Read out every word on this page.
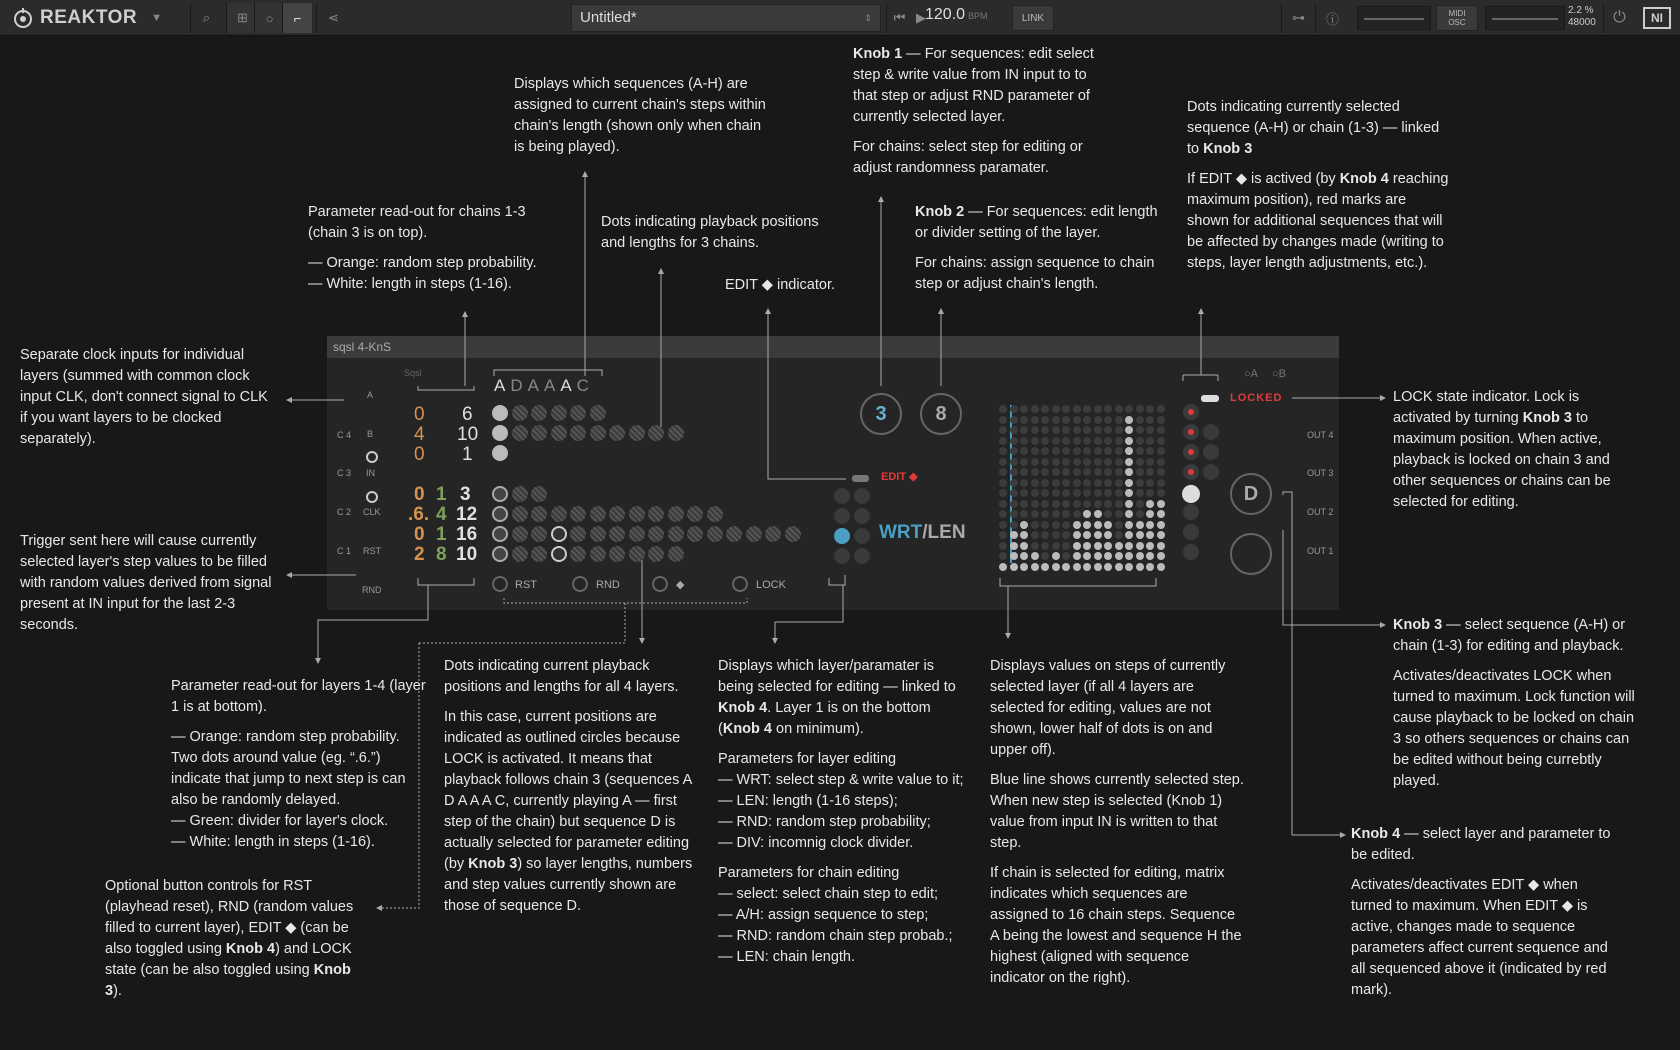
REAKTOR ▼	⌕ ⊞ ○ ⌐ ⋖	Untitled*	⇕ ⏮ ▶ 120.0 BPM	LINK	⊶ ⓘ	MIDI
OSC
2.2 %
48000 ⏻	NI
sqsl 4-KnS
Sqsl
A D A A A C
A
B
IN
CLK
RST
RND
C 4
C 3
C 2
C 1
0 6
4 10
0 1
0 1 3
.6. 4 12
0 1 16
2 8 10
RST	RND	◆	LOCK
3 8
D
EDIT ◆
WRT/LEN
LOCKED
○A ○B
OUT 4
OUT 3
OUT 2
OUT 1

Displays which sequences (A-H) are assigned to current chain's steps within chain's length (shown only when chain is being played).

Knob 1 — For sequences: edit select step & write value from IN input to to that step or adjust RND parameter of currently selected layer.

For chains: select step for editing or adjust randomness paramater.

Dots indicating currently selected sequence (A-H) or chain (1-3) — linked to Knob 3

If EDIT ◆ is actived (by Knob 4 reaching maximum position), red marks are shown for additional sequences that will be affected by changes made (writing to steps, layer length adjustments, etc.).

Parameter read-out for chains 1-3 (chain 3 is on top).

— Orange: random step probability.
— White: length in steps (1-16).

Dots indicating playback positions and lengths for 3 chains.

EDIT ◆ indicator.

Knob 2 — For sequences: edit length or divider setting of the layer.

For chains: assign sequence to chain step or adjust chain's length.

Separate clock inputs for individual layers (summed with common clock input CLK, don't connect signal to CLK if you want layers to be clocked separately).

LOCK state indicator. Lock is activated by turning Knob 3 to maximum position. When active, playback is locked on chain 3 and other sequences or chains can be selected for editing.

Trigger sent here will cause currently selected layer's step values to be filled with random values derived from signal present at IN input for the last 2-3 seconds.

Parameter read-out for layers 1-4 (layer 1 is at bottom).

— Orange: random step probability. Two dots around value (eg. “.6.”) indicate that jump to next step is can also be randomly delayed.
— Green: divider for layer's clock.
— White: length in steps (1-16).

Dots indicating current playback positions and lengths for all 4 layers.

In this case, current positions are indicated as outlined circles because LOCK is activated. It means that playback follows chain 3 (sequences A D A A A C, currently playing A — first step of the chain) but sequence D is actually selected for parameter editing (by Knob 3) so layer lengths, numbers and step values currently shown are those of sequence D.

Displays which layer/paramater is being selected for editing — linked to Knob 4. Layer 1 is on the bottom (Knob 4 on minimum).

Parameters for layer editing
— WRT: select step & write value to it;
— LEN: length (1-16 steps);
— RND: random step probability;
— DIV: incomnig clock divider.

Parameters for chain editing
— select: select chain step to edit;
— A/H: assign sequence to step;
— RND: random chain step probab.;
— LEN: chain length.

Displays values on steps of currently selected layer (if all 4 layers are selected for editing, values are not shown, lower half of dots is on and upper off).

Blue line shows currently selected step. When new step is selected (Knob 1) value from input IN is written to that step.

If chain is selected for editing, matrix indicates which sequences are assigned to 16 chain steps. Sequence A being the lowest and sequence H the highest (aligned with sequence indicator on the right).

Knob 3 — select sequence (A-H) or chain (1-3) for editing and playback.

Activates/deactivates LOCK when turned to maximum. Lock function will cause playback to be locked on chain 3 so others sequences or chains can be edited without being currebtly played.

Optional button controls for RST (playhead reset), RND (random values filled to current layer), EDIT ◆ (can be also toggled using Knob 4) and LOCK state (can be also toggled using Knob 3).

Knob 4 — select layer and parameter to be edited.

Activates/deactivates EDIT ◆ when turned to maximum. When EDIT ◆ is active, changes made to sequence parameters affect current sequence and all sequenced above it (indicated by red mark).
